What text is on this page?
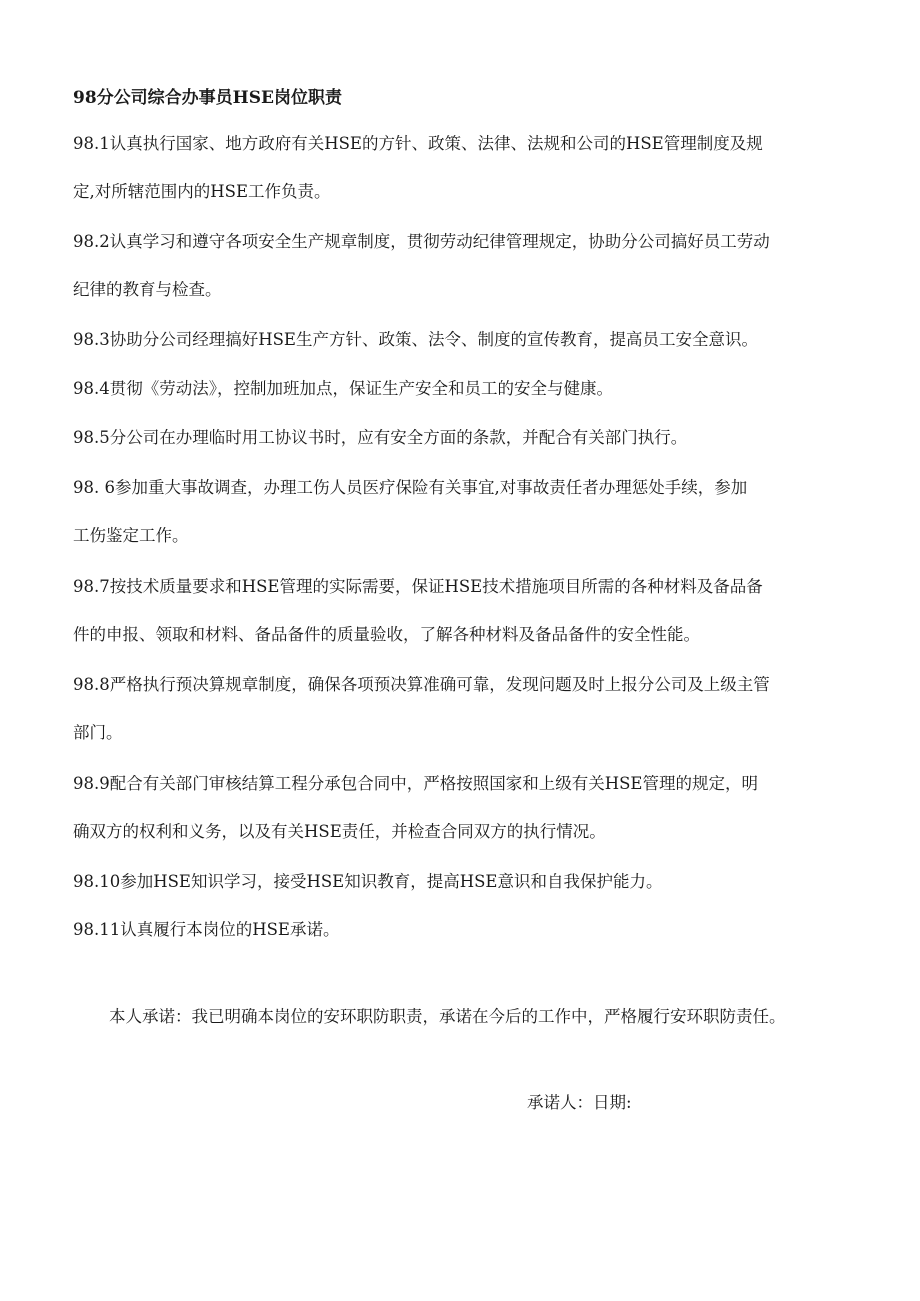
98分公司综合办事员HSE岗位职责
98.1认真执行国家、地方政府有关HSE的方针、政策、法律、法规和公司的HSE管理制度及规
定,对所辖范围内的HSE工作负责。
98.2认真学习和遵守各项安全生产规章制度，贯彻劳动纪律管理规定，协助分公司搞好员工劳动
纪律的教育与检查。
98.3协助分公司经理搞好HSE生产方针、政策、法令、制度的宣传教育，提高员工安全意识。
98.4贯彻《劳动法》，控制加班加点，保证生产安全和员工的安全与健康。
98.5分公司在办理临时用工协议书时，应有安全方面的条款，并配合有关部门执行。
98. 6参加重大事故调查，办理工伤人员医疗保险有关事宜,对事故责任者办理惩处手续，参加
工伤鉴定工作。
98.7按技术质量要求和HSE管理的实际需要，保证HSE技术措施项目所需的各种材料及备品备
件的申报、领取和材料、备品备件的质量验收，了解各种材料及备品备件的安全性能。
98.8严格执行预决算规章制度，确保各项预决算准确可靠，发现问题及时上报分公司及上级主管
部门。
98.9配合有关部门审核结算工程分承包合同中，严格按照国家和上级有关HSE管理的规定，明
确双方的权利和义务，以及有关HSE责任，并检查合同双方的执行情况。
98.10参加HSE知识学习，接受HSE知识教育，提高HSE意识和自我保护能力。
98.11认真履行本岗位的HSE承诺。
本人承诺：我已明确本岗位的安环职防职责，承诺在今后的工作中，严格履行安环职防责任。
承诺人：日期:
